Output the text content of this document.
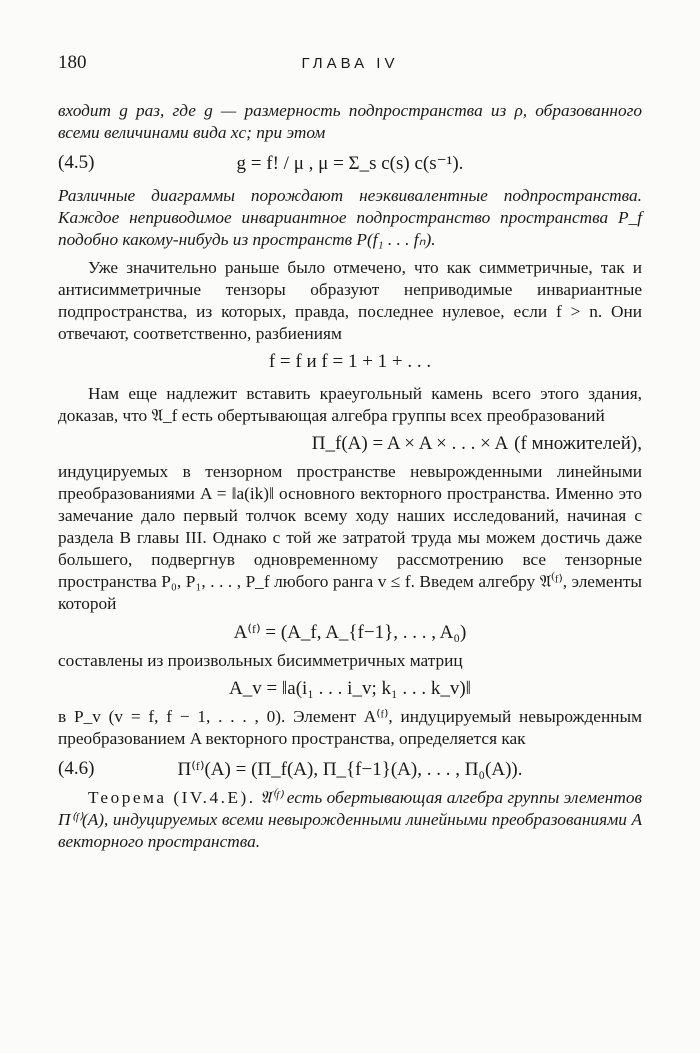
180	ГЛАВА IV

входит g раз, где g — размерность подпространства из ρ, образованного всеми величинами вида xc; при этом

(4.5)	g = f! / μ , μ = Σ_s c(s) c(s⁻¹).

Различные диаграммы порождают неэквивалентные подпространства. Каждое неприводимое инвариантное подпространство пространства P_f подобно какому-нибудь из пространств P(f₁ . . . fₙ).

Уже значительно раньше было отмечено, что как симметричные, так и антисимметричные тензоры образуют неприводимые инвариантные подпространства, из которых, правда, последнее нулевое, если f > n. Они отвечают, соответственно, разбиениям

f = f и f = 1 + 1 + . . .

Нам еще надлежит вставить краеугольный камень всего этого здания, доказав, что 𝔄_f есть обертывающая алгебра группы всех преобразований

Π_f(A) = A × A × . . . × A (f множителей),

индуцируемых в тензорном пространстве невырожденными линейными преобразованиями A = ‖a(ik)‖ основного векторного пространства. Именно это замечание дало первый толчок всему ходу наших исследований, начиная с раздела B главы III. Однако с той же затратой труда мы можем достичь даже большего, подвергнув одновременному рассмотрению все тензорные пространства P₀, P₁, . . . , P_f любого ранга v ≤ f. Введем алгебру 𝔄⁽ᶠ⁾, элементы которой

A⁽ᶠ⁾ = (A_f, A_{f−1}, . . . , A₀)

составлены из произвольных бисимметричных матриц

A_v = ‖a(i₁ . . . i_v; k₁ . . . k_v)‖

в P_v (v = f, f − 1, . . . , 0). Элемент A⁽ᶠ⁾, индуцируемый невырожденным преобразованием A векторного пространства, определяется как

(4.6)	Π⁽ᶠ⁾(A) = (Π_f(A), Π_{f−1}(A), . . . , Π₀(A)).

Теорема (IV.4.E). 𝔄⁽ᶠ⁾ есть обертывающая алгебра группы элементов Π⁽ᶠ⁾(A), индуцируемых всеми невырожденными линейными преобразованиями A векторного пространства.
